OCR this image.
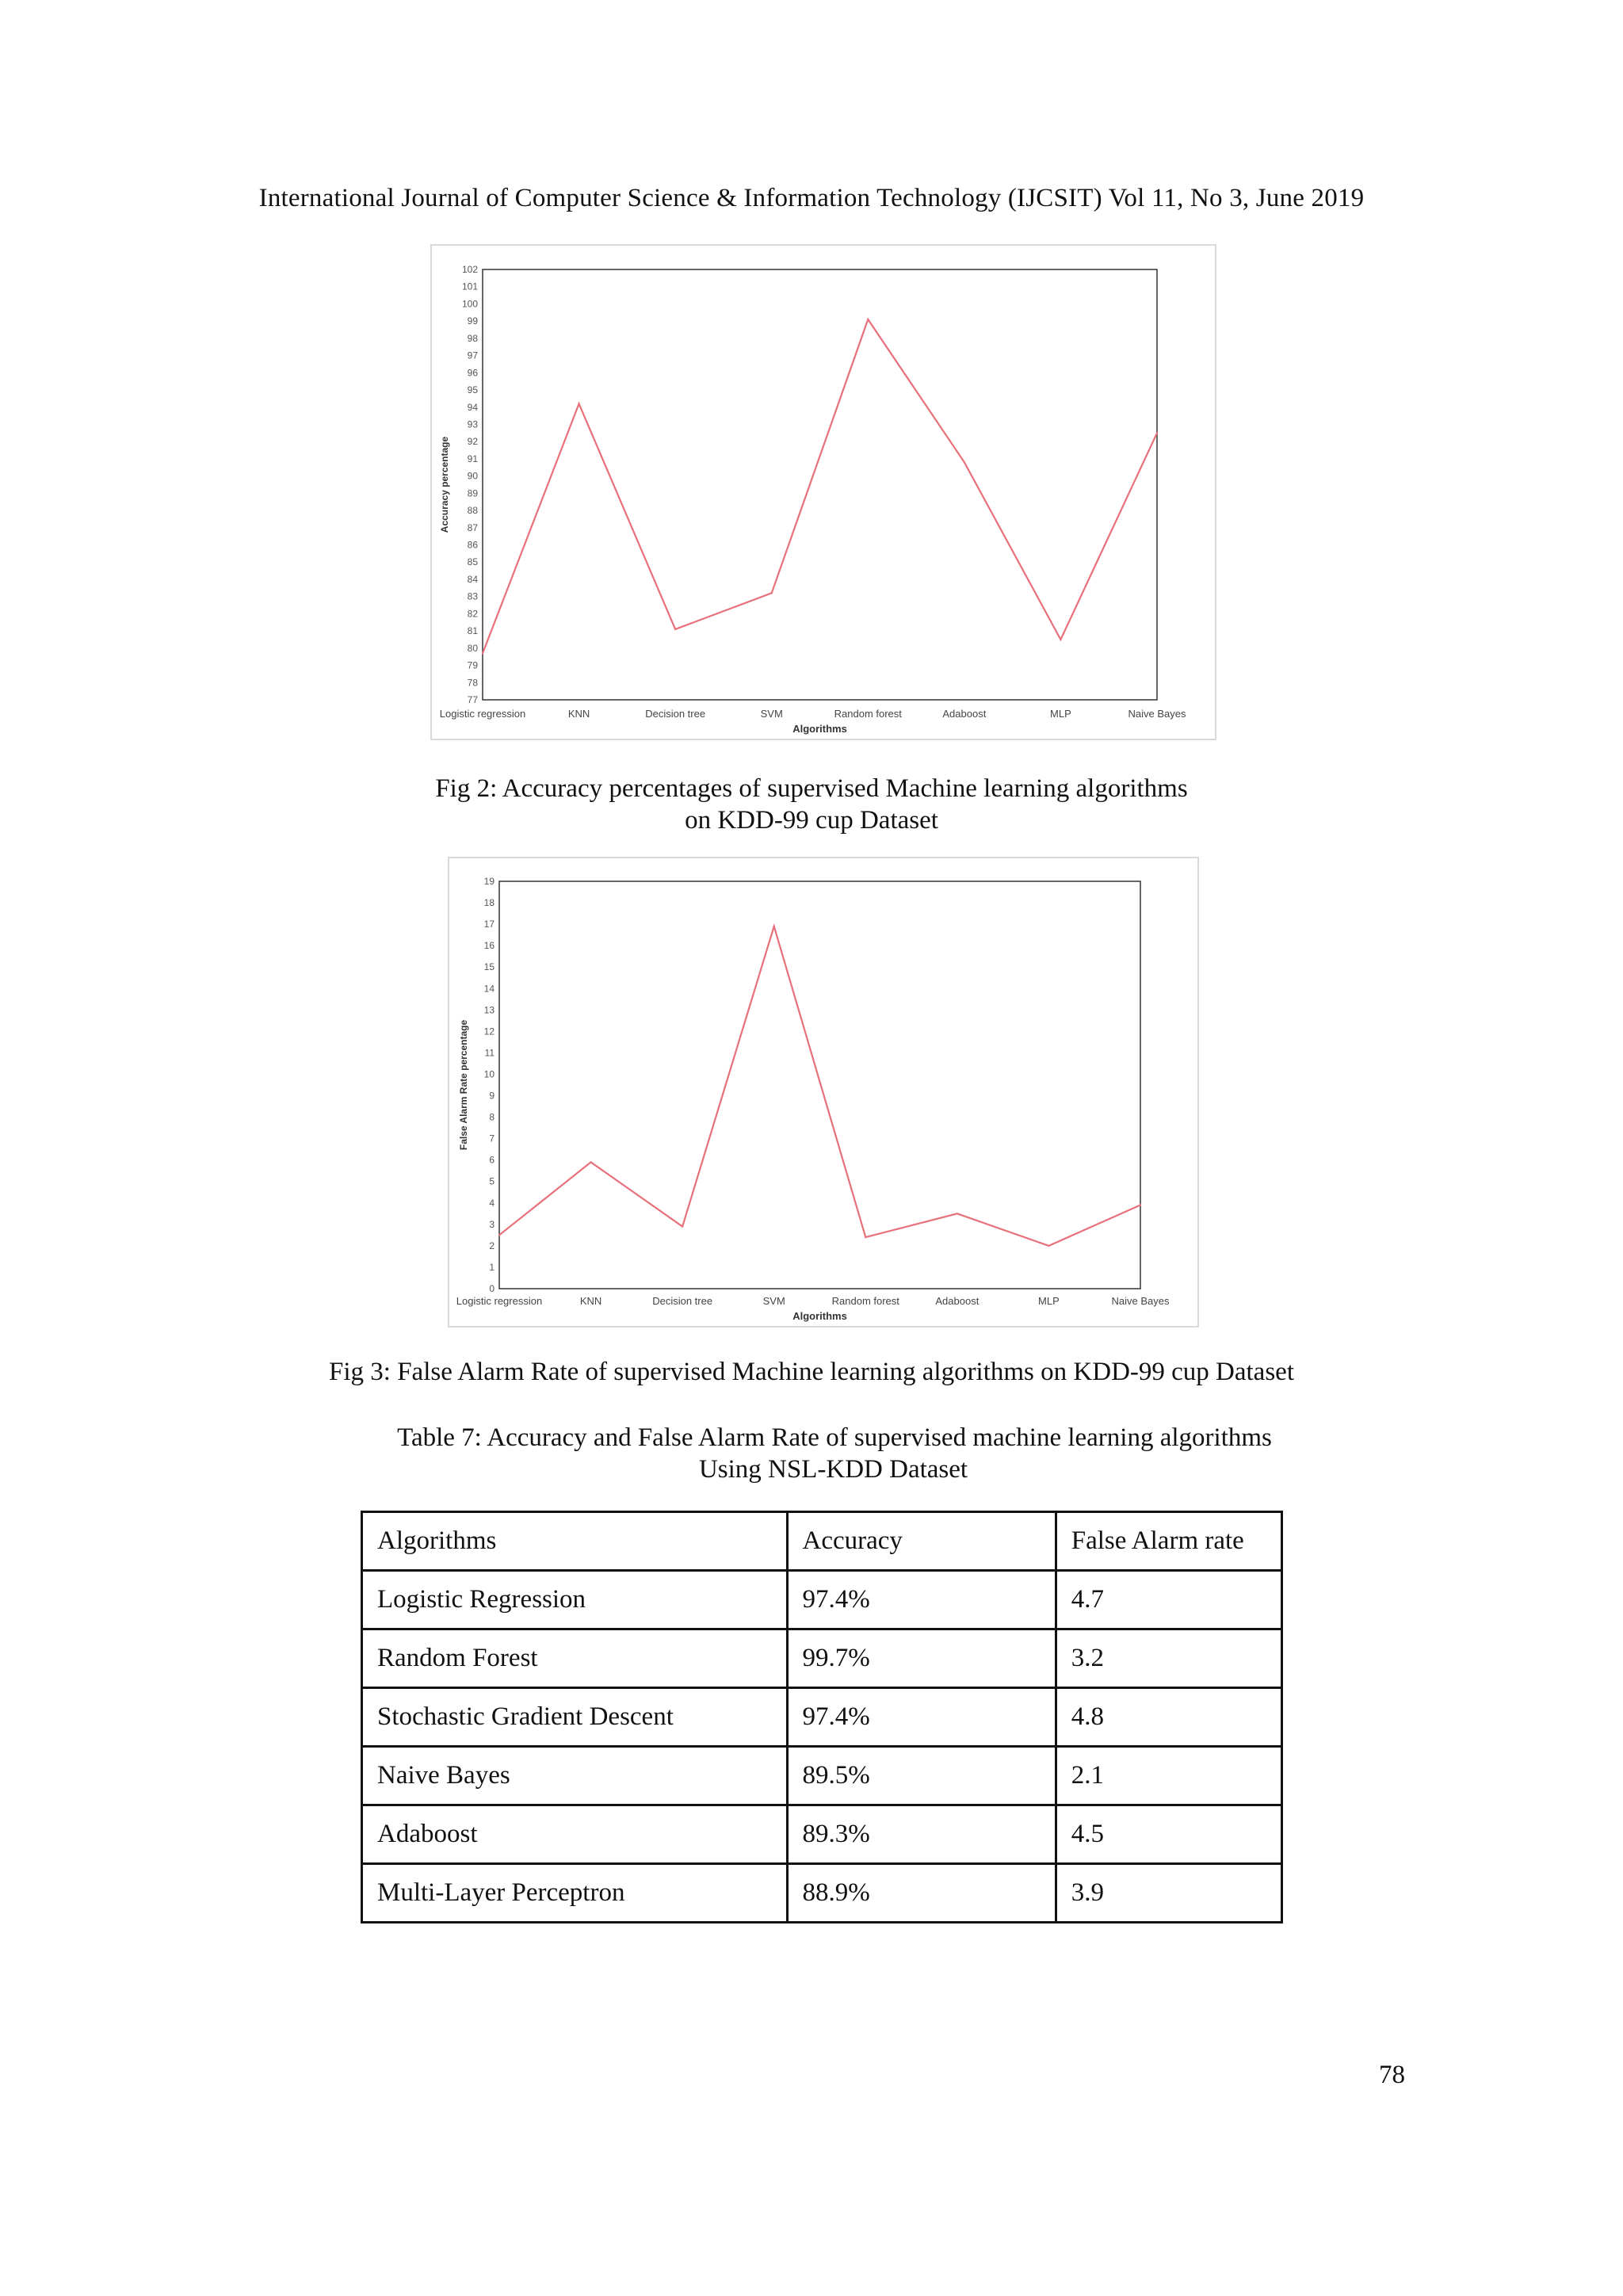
International Journal of Computer Science & Information Technology (IJCSIT) Vol 11, No 3, June 2019
77
78
79
80
81
82
83
84
85
86
87
88
89
90
91
92
93
94
95
96
97
98
99
100
101
102
Logistic regression	KNN	Decision tree	SVM	Random forest	Adaboost	MLP	Naive Bayes
Algorithms
Accuracy percentage
Fig 2: Accuracy percentages of supervised Machine learning algorithms
on KDD-99 cup Dataset
0
1
2
3
4
5
6
7
8
9
10
11
12
13
14
15
16
17
18
19
Logistic regression	KNN	Decision tree	SVM	Random forest	Adaboost	MLP	Naive Bayes
Algorithms
False Alarm Rate percentage
Fig 3: False Alarm Rate of supervised Machine learning algorithms on KDD-99 cup Dataset
Table 7: Accuracy and False Alarm Rate of supervised machine learning algorithms
Using NSL-KDD Dataset
Algorithms	Accuracy	False Alarm rate
Logistic Regression	97.4%	4.7
Random Forest	99.7%	3.2
Stochastic Gradient Descent	97.4%	4.8
Naive Bayes	89.5%	2.1
Adaboost	89.3%	4.5
Multi-Layer Perceptron	88.9%	3.9
78
